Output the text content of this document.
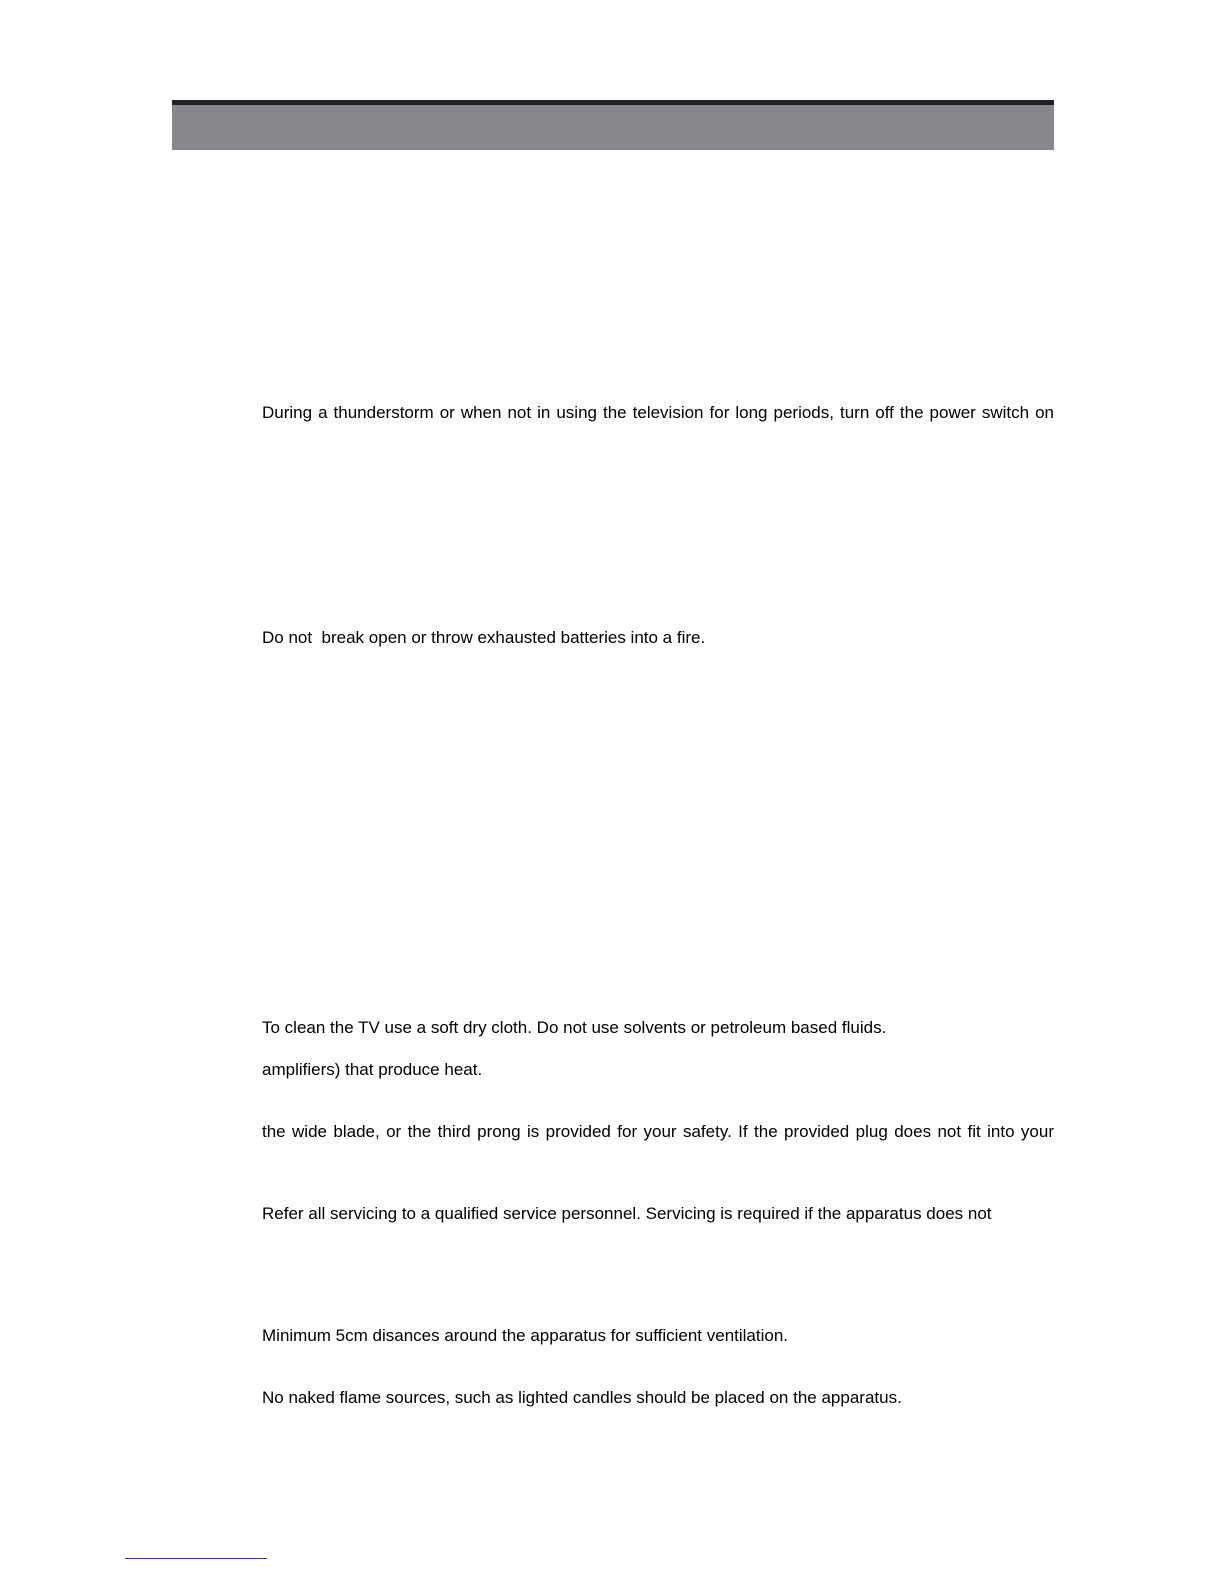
During a thunderstorm or when not in using the television for long periods, turn off the power switch on
Do not  break open or throw exhausted batteries into a fire.
To clean the TV use a soft dry cloth. Do not use solvents or petroleum based fluids.
amplifiers) that produce heat.
the wide blade, or the third prong is provided for your safety. If the provided plug does not fit into your
Refer all servicing to a qualified service personnel. Servicing is required if the apparatus does not
Minimum 5cm disances around the apparatus for sufficient ventilation.
No naked flame sources, such as lighted candles should be placed on the apparatus.
